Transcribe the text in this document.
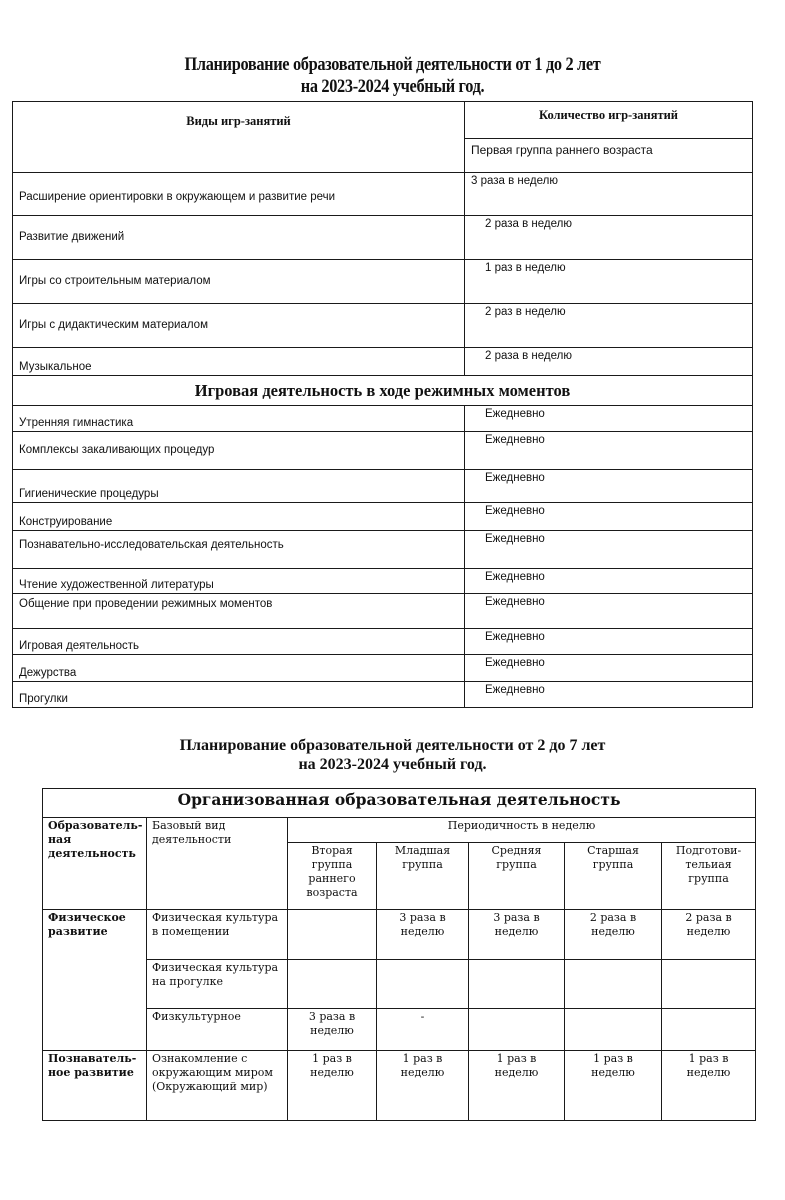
Планирование образовательной деятельности от 1 до 2 лет
на 2023-2024 учебный год.
Виды игр-занятий	Количество игр-занятий
	Первая группа раннего возраста
Расширение ориентировки в окружающем и развитие речи	3 раза в неделю
Развитие движений	2 раза в неделю
Игры со строительным материалом	1 раз в неделю
Игры с дидактическим материалом	2 раз в неделю
Музыкальное	2 раза в неделю
Игровая деятельность в ходе режимных моментов	
Утренняя гимнастика	Ежедневно
Комплексы закаливающих процедур	Ежедневно
Гигиенические процедуры	Ежедневно
Конструирование	Ежедневно
Познавательно-исследовательская деятельность	Ежедневно
Чтение художественной литературы	Ежедневно
Общение при проведении режимных моментов	Ежедневно
Игровая деятельность	Ежедневно
Дежурства	Ежедневно
Прогулки	Ежедневно
Планирование образовательной деятельности от 2 до 7 лет
на 2023-2024 учебный год.
Организованная образовательная деятельность						
Образовательная деятельность	Базовый вид деятельности	Периодичность в неделю				
		Вторая группа раннего возраста	Младшая группа	Средняя группа	Старшая группа	Подготовительиая группа
Физическое развитие	Физическая культура в помещении		3 раза в неделю	3 раза в неделю	2 раза в неделю	2 раза в неделю
	Физическая культура на прогулке					
	Физкультурное	3 раза в неделю	-			
Познавательное развитие	Ознакомление с окружающим миром (Окружающий мир)	1 раз в неделю	1 раз в неделю	1 раз в неделю	1 раз в неделю	1 раз в неделю
